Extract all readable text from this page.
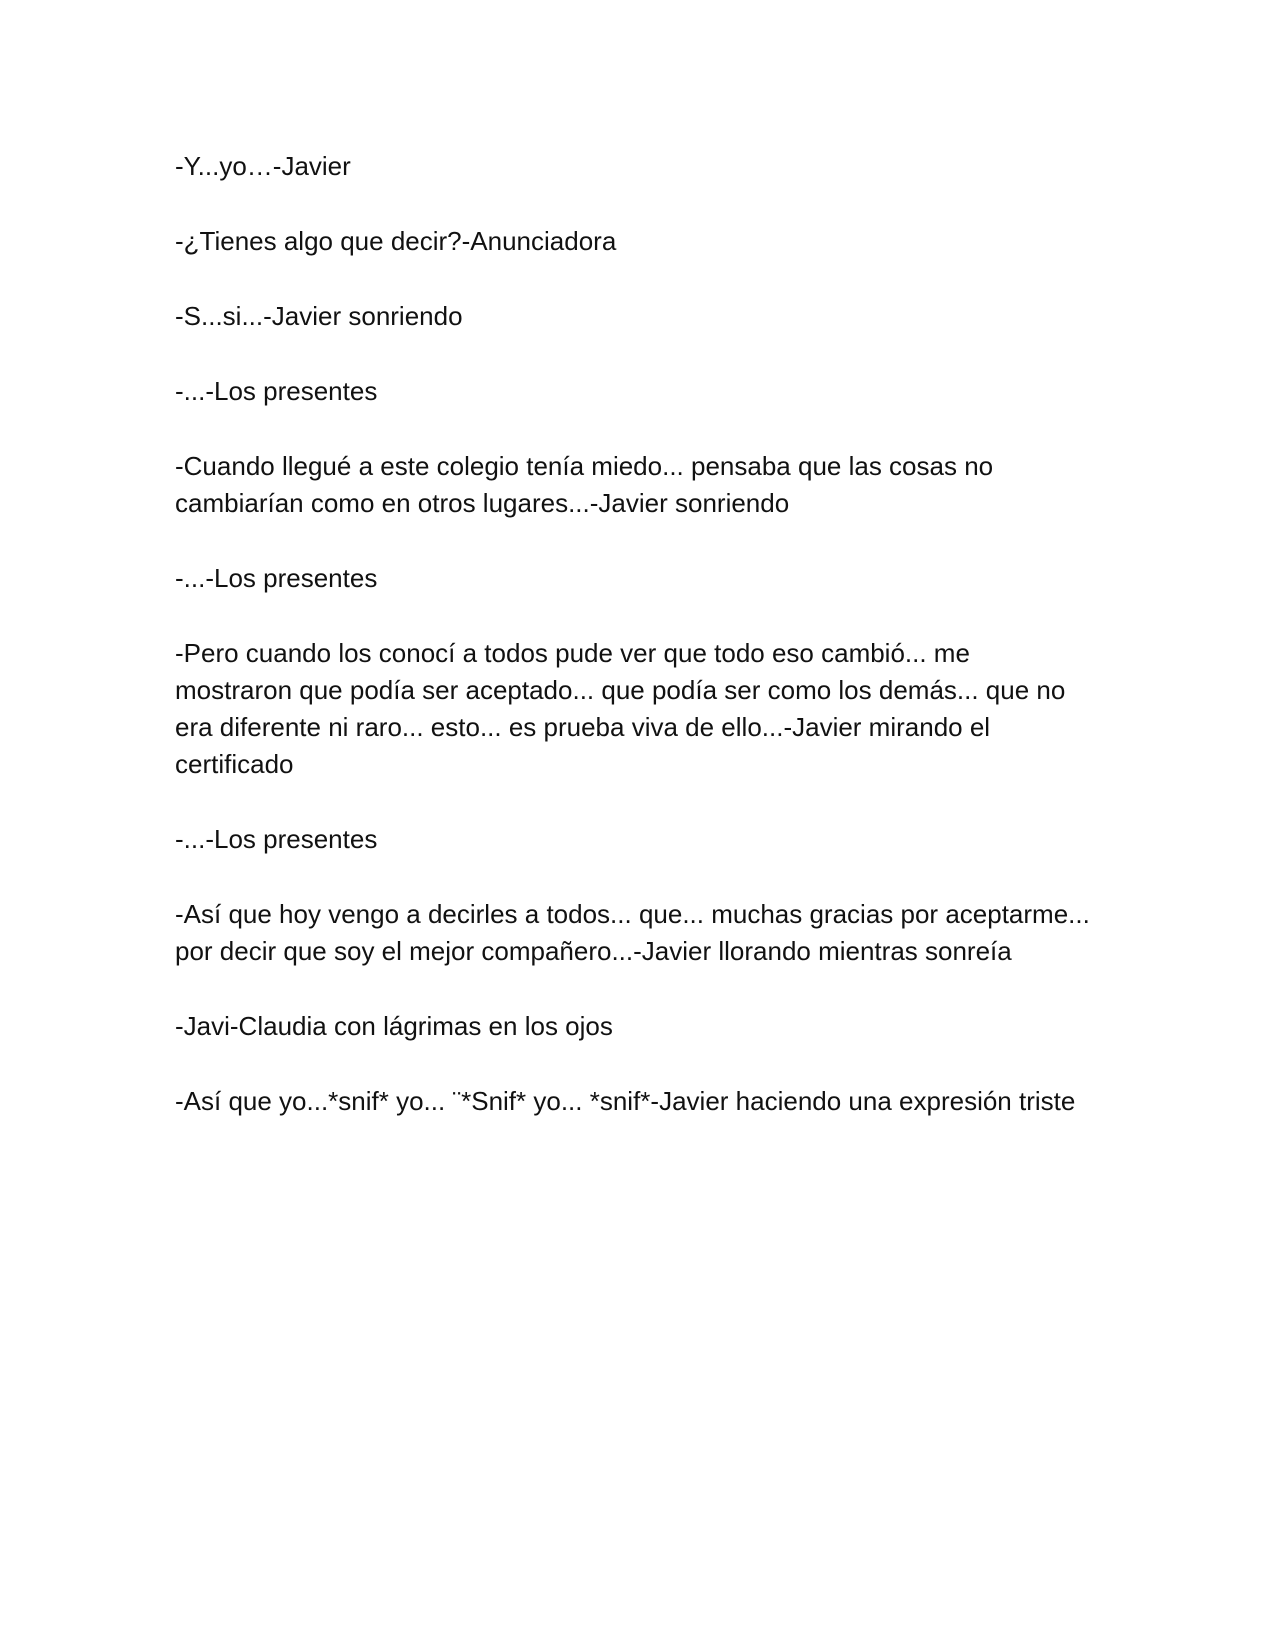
-Y...yo…-Javier

-¿Tienes algo que decir?-Anunciadora

-S...si...-Javier sonriendo

-...-Los presentes

-Cuando llegué a este colegio tenía miedo... pensaba que las cosas no cambiarían como en otros lugares...-Javier sonriendo

-...-Los presentes

-Pero cuando los conocí a todos pude ver que todo eso cambió... me mostraron que podía ser aceptado... que podía ser como los demás... que no era diferente ni raro... esto... es prueba viva de ello...-Javier mirando el certificado

-...-Los presentes

-Así que hoy vengo a decirles a todos... que... muchas gracias por aceptarme... por decir que soy el mejor compañero...-Javier llorando mientras sonreía

-Javi-Claudia con lágrimas en los ojos

-Así que yo...*snif* yo... ¨*Snif* yo... *snif*-Javier haciendo una expresión triste
